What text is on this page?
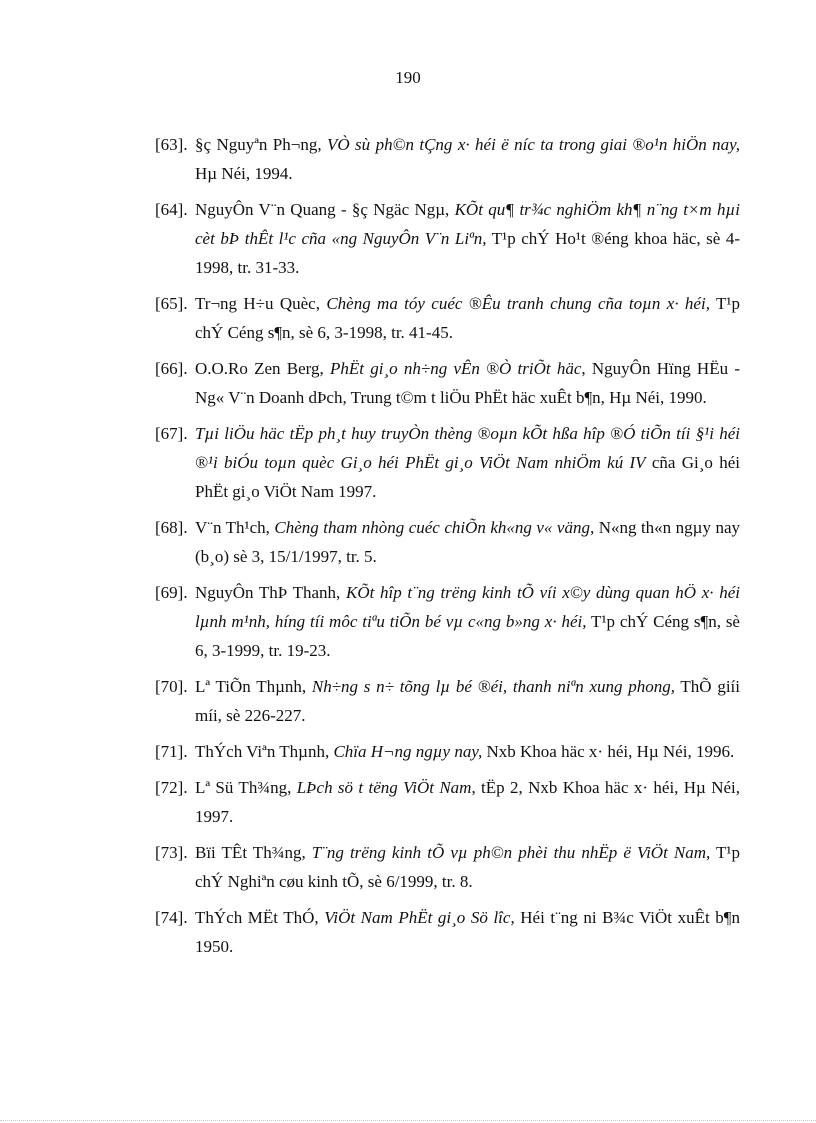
190
[63]. §ç Nguyªn Ph¬ng, VÒ sù ph©n tÇng x· héi ë níc ta trong giai ®o¹n hiÖn nay, Hµ Néi, 1994.
[64]. NguyÔn V¨n Quang - §ç Ngäc Ngµ, KÕt qu¶ tr¾c nghiÖm kh¶ n¨ng t×m hµi cèt bÞ thÊt l¹c cña «ng NguyÔn V¨n Liªn, T¹p chÝ Ho¹t ®éng khoa häc, sè 4-1998, tr. 31-33.
[65]. Tr¬ng H÷u Quèc, Chèng ma tóy cuéc ®Êu tranh chung cña toµn x· héi, T¹p chÝ Céng s¶n, sè 6, 3-1998, tr. 41-45.
[66]. O.O.Ro Zen Berg, PhËt gi¸o nh÷ng vÊn ®Ò triÕt häc, NguyÔn Hïng HËu - Ng« V¨n Doanh dÞch, Trung t©m t liÖu PhËt häc xuÊt b¶n, Hµ Néi, 1990.
[67]. Tµi liÖu häc tËp ph¸t huy truyÒn thèng ®oµn kÕt hßa hîp ®Ó tiÕn tíi §¹i héi ®¹i biÓu toµn quèc Gi¸o héi PhËt gi¸o ViÖt Nam nhiÖm kú IV cña Gi¸o héi PhËt gi¸o ViÖt Nam 1997.
[68]. V¨n Th¹ch, Chèng tham nhòng cuéc chiÕn kh«ng v« väng, N«ng th«n ngµy nay (b¸o) sè 3, 15/1/1997, tr. 5.
[69]. NguyÔn ThÞ Thanh, KÕt hîp t¨ng trëng kinh tÕ víi x©y dùng quan hÖ x· héi lµnh m¹nh, híng tíi môc tiªu tiÕn bé vµ c«ng b»ng x· héi, T¹p chÝ Céng s¶n, sè 6, 3-1999, tr. 19-23.
[70]. Lª TiÕn Thµnh, Nh÷ng s n÷ tõng lµ bé ®éi, thanh niªn xung phong, ThÕ giíi míi, sè 226-227.
[71]. ThÝch Viªn Thµnh, Chïa H¬ng ngµy nay, Nxb Khoa häc x· héi, Hµ Néi, 1996.
[72]. Lª Sü Th¾ng, LÞch sö t tëng ViÖt Nam, tËp 2, Nxb Khoa häc x· héi, Hµ Néi, 1997.
[73]. Bïi TÊt Th¾ng, T¨ng trëng kinh tÕ vµ ph©n phèi thu nhËp ë ViÖt Nam, T¹p chÝ Nghiªn cøu kinh tÕ, sè 6/1999, tr. 8.
[74]. ThÝch MËt ThÓ, ViÖt Nam PhËt gi¸o Sö lîc, Héi t¨ng ni B¾c ViÖt xuÊt b¶n 1950.
